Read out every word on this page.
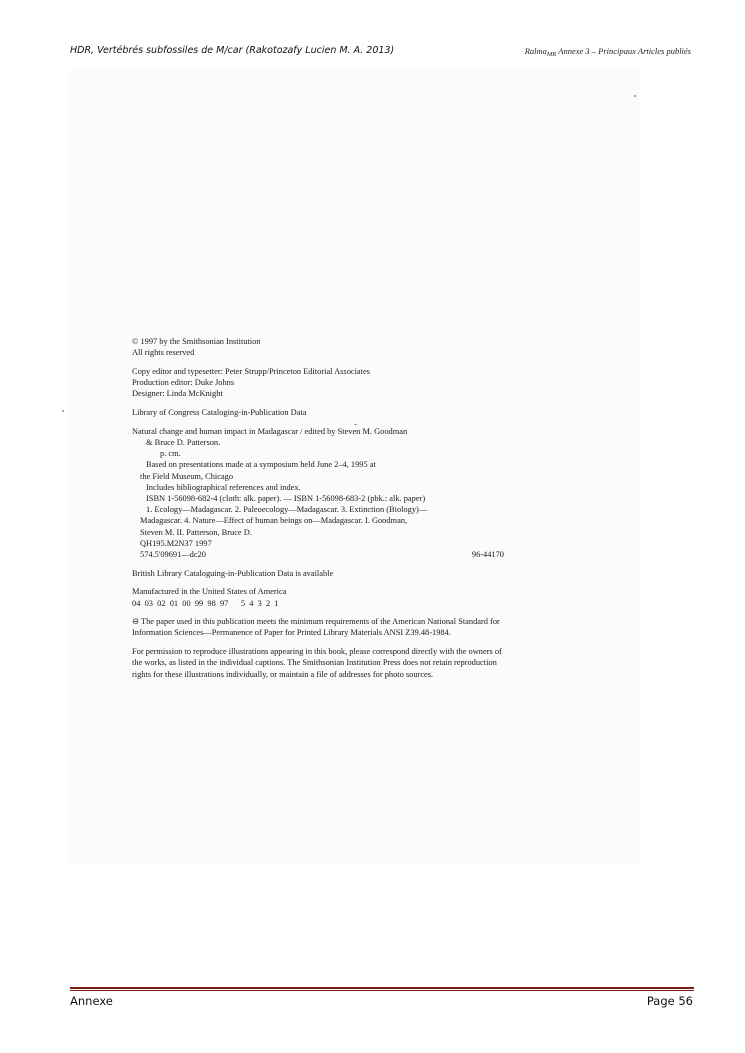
HDR, Vertébrés subfossiles de M/car (Rakotozafy Lucien M. A. 2013)	Ralma$_{MR}$ Annexe 3 – Principaux Articles publiés
© 1997 by the Smithsonian Institution
All rights reserved
Copy editor and typesetter: Peter Strupp/Princeton Editorial Associates
Production editor: Duke Johns
Designer: Linda McKnight
Library of Congress Cataloging-in-Publication Data
Natural change and human impact in Madagascar / edited by Steven M. Goodman
& Bruce D. Patterson.
p. cm.
Based on presentations made at a symposium held June 2–4, 1995 at
the Field Museum, Chicago
Includes bibliographical references and index.
ISBN 1-56098-682-4 (cloth: alk. paper). — ISBN 1-56098-683-2 (pbk.: alk. paper)
1. Ecology—Madagascar. 2. Paleoecology—Madagascar. 3. Extinction (Biology)—
Madagascar. 4. Nature—Effect of human beings on—Madagascar. I. Goodman,
Steven M. II. Patterson, Bruce D.
QH195.M2N37 1997
574.5'09691—dc20	96-44170
British Library Cataloguing-in-Publication Data is available
Manufactured in the United States of America
04  03  02  01  00  99  98  97      5  4  3  2  1
⊖ The paper used in this publication meets the minimum requirements of the American National Standard for
Information Sciences—Permanence of Paper for Printed Library Materials ANSI Z39.48-1984.
For permission to reproduce illustrations appearing in this book, please correspond directly with the owners of
the works, as listed in the individual captions. The Smithsonian Institution Press does not retain reproduction
rights for these illustrations individually, or maintain a file of addresses for photo sources.
Annexe	Page 56
